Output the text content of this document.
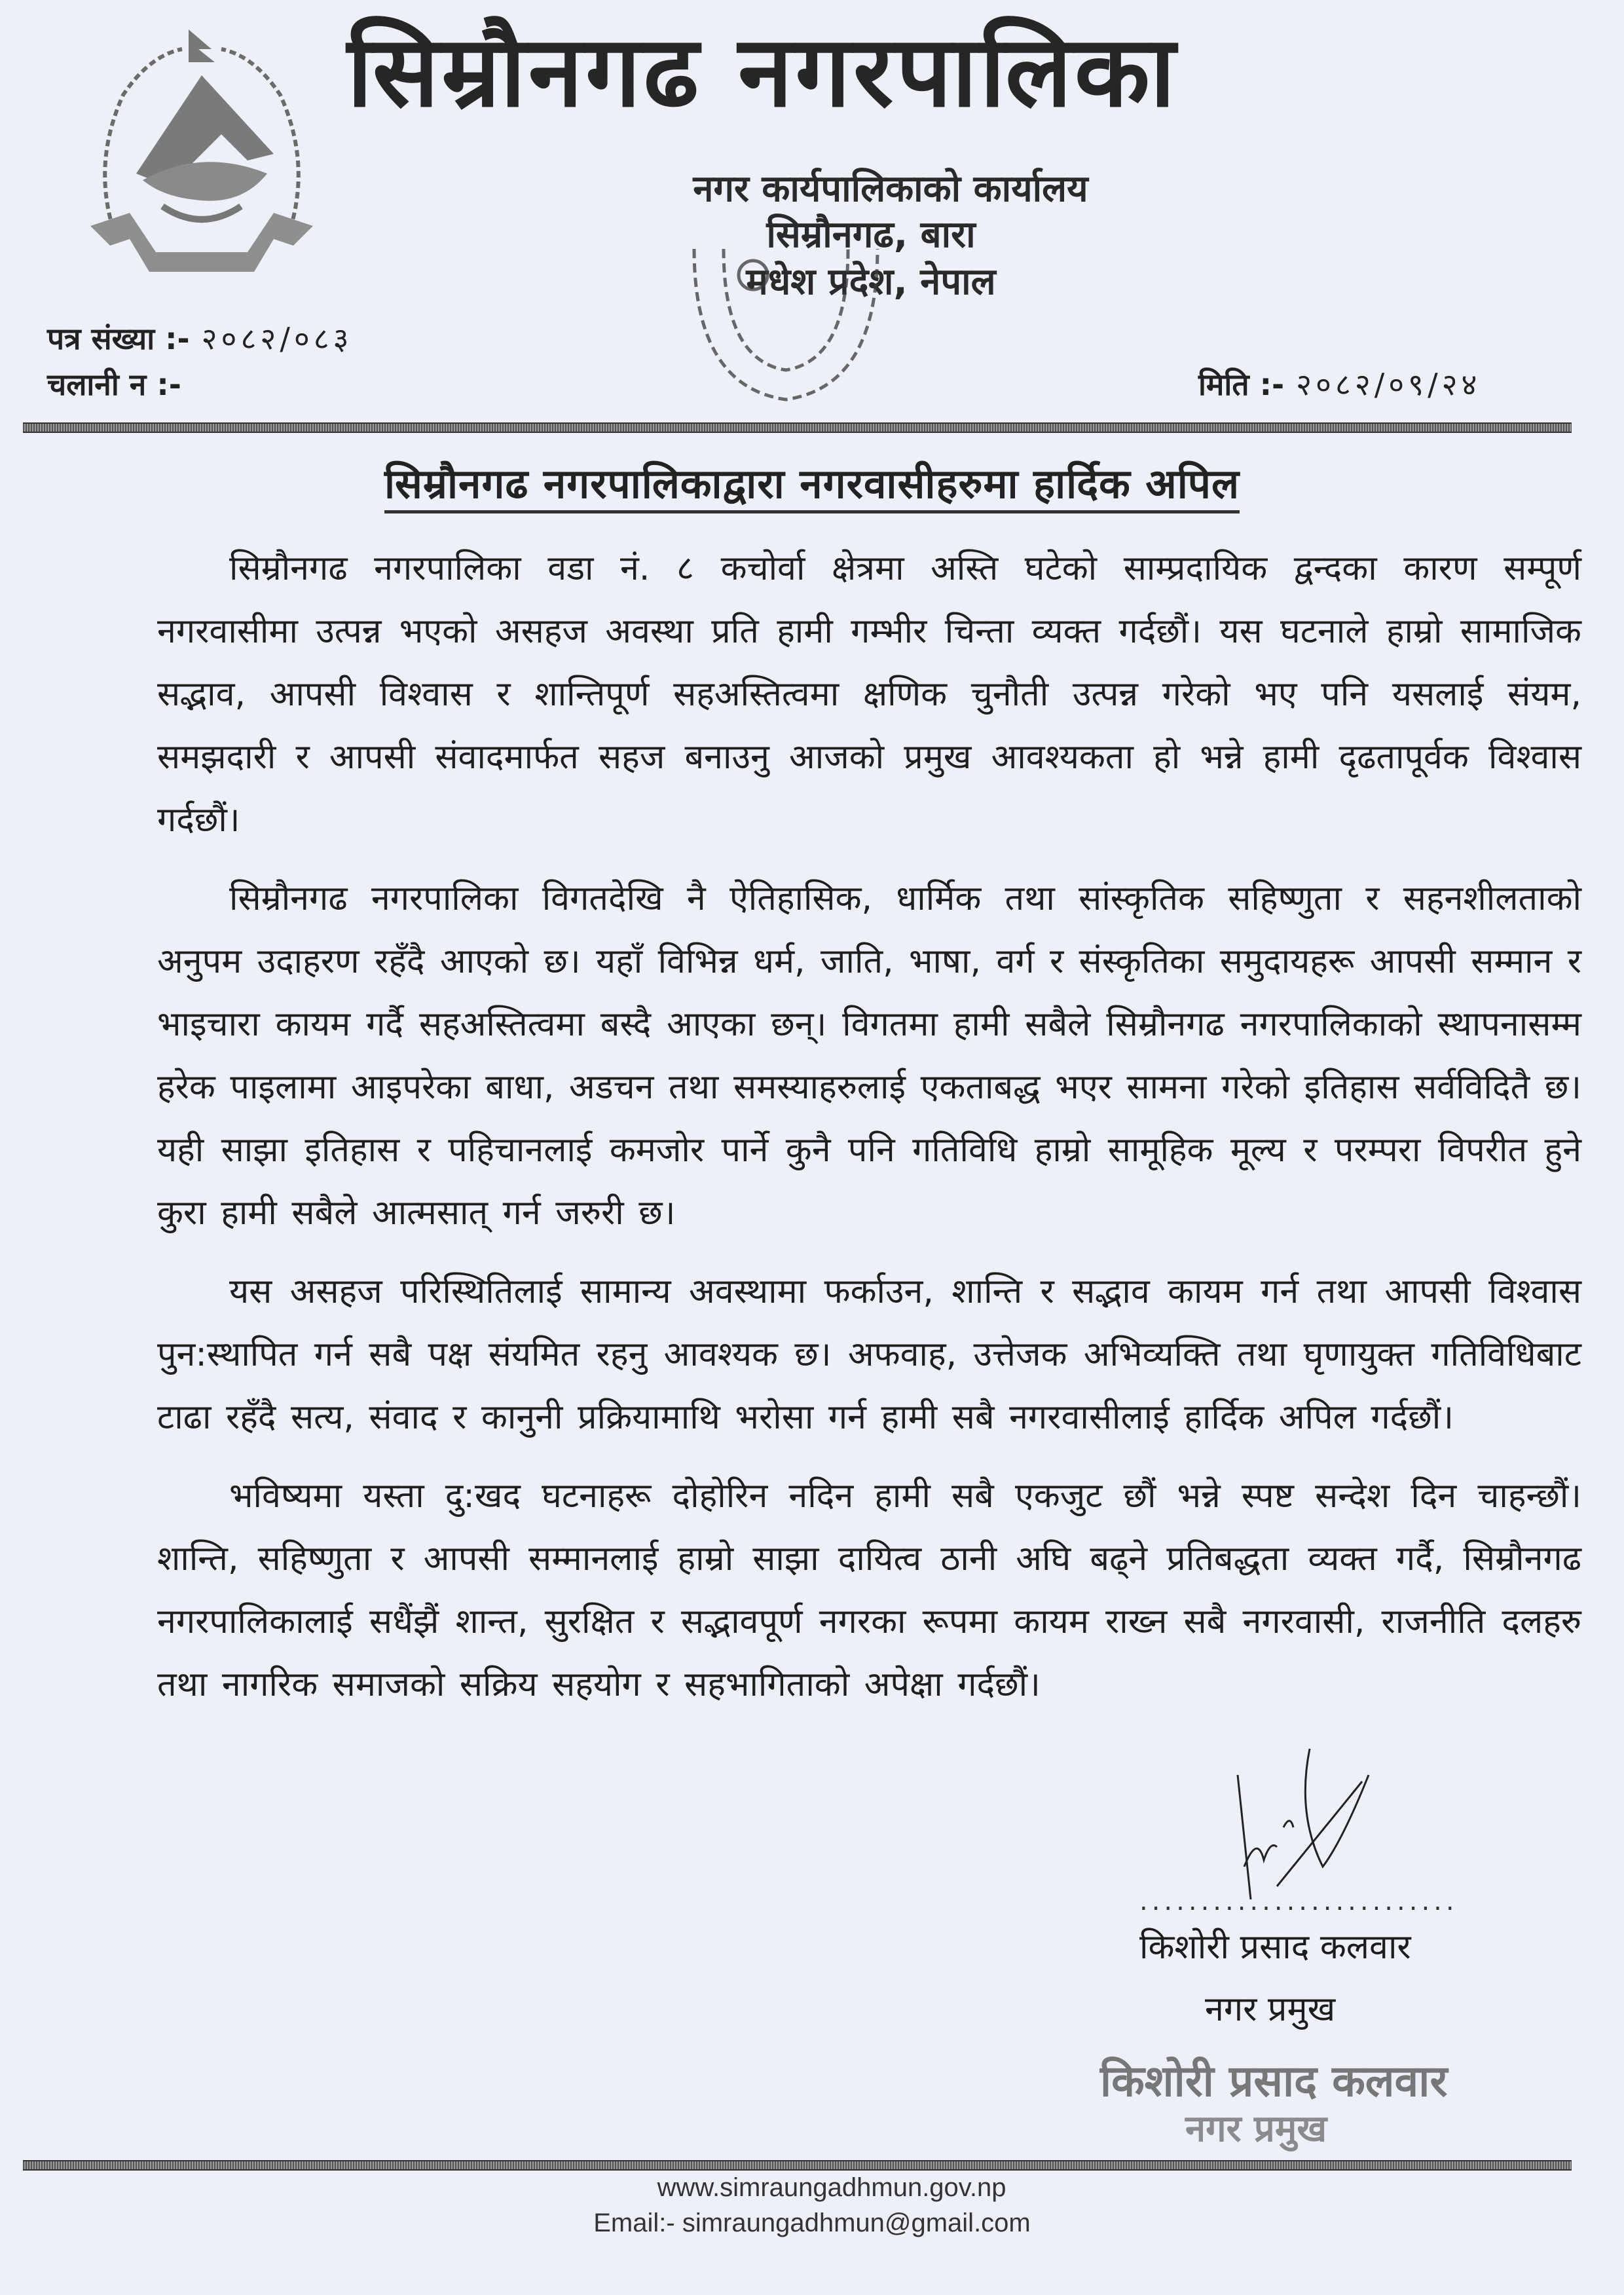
सिम्रौनगढ नगरपालिका
नगर कार्यपालिकाको कार्यालय
सिम्रौनगढ, बारा
मधेश प्रदेश, नेपाल
पत्र संख्या :- २०८२/०८३
चलानी न :-	मिति :- २०८२/०९/२४
सिम्रौनगढ नगरपालिकाद्वारा नगरवासीहरुमा हार्दिक अपिल

सिम्रौनगढ नगरपालिका वडा नं. ८ कचोर्वा क्षेत्रमा अस्ति घटेको साम्प्रदायिक द्वन्दका कारण सम्पूर्ण नगरवासीमा उत्पन्न भएको असहज अवस्था प्रति हामी गम्भीर चिन्ता व्यक्त गर्दछौं। यस घटनाले हाम्रो सामाजिक सद्भाव, आपसी विश्वास र शान्तिपूर्ण सहअस्तित्वमा क्षणिक चुनौती उत्पन्न गरेको भए पनि यसलाई संयम, समझदारी र आपसी संवादमार्फत सहज बनाउनु आजको प्रमुख आवश्यकता हो भन्ने हामी दृढतापूर्वक विश्वास गर्दछौं।

सिम्रौनगढ नगरपालिका विगतदेखि नै ऐतिहासिक, धार्मिक तथा सांस्कृतिक सहिष्णुता र सहनशीलताको अनुपम उदाहरण रहँदै आएको छ। यहाँ विभिन्न धर्म, जाति, भाषा, वर्ग र संस्कृतिका समुदायहरू आपसी सम्मान र भाइचारा कायम गर्दै सहअस्तित्वमा बस्दै आएका छन्। विगतमा हामी सबैले सिम्रौनगढ नगरपालिकाको स्थापनासम्म हरेक पाइलामा आइपरेका बाधा, अडचन तथा समस्याहरुलाई एकताबद्ध भएर सामना गरेको इतिहास सर्वविदितै छ। यही साझा इतिहास र पहिचानलाई कमजोर पार्ने कुनै पनि गतिविधि हाम्रो सामूहिक मूल्य र परम्परा विपरीत हुने कुरा हामी सबैले आत्मसात् गर्न जरुरी छ।

यस असहज परिस्थितिलाई सामान्य अवस्थामा फर्काउन, शान्ति र सद्भाव कायम गर्न तथा आपसी विश्वास पुन:स्थापित गर्न सबै पक्ष संयमित रहनु आवश्यक छ। अफवाह, उत्तेजक अभिव्यक्ति तथा घृणायुक्त गतिविधिबाट टाढा रहँदै सत्य, संवाद र कानुनी प्रक्रियामाथि भरोसा गर्न हामी सबै नगरवासीलाई हार्दिक अपिल गर्दछौं।

भविष्यमा यस्ता दु:खद घटनाहरू दोहोरिन नदिन हामी सबै एकजुट छौं भन्ने स्पष्ट सन्देश दिन चाहन्छौं। शान्ति, सहिष्णुता र आपसी सम्मानलाई हाम्रो साझा दायित्व ठानी अघि बढ्ने प्रतिबद्धता व्यक्त गर्दै, सिम्रौनगढ नगरपालिकालाई सधैंझैं शान्त, सुरक्षित र सद्भावपूर्ण नगरका रूपमा कायम राख्न सबै नगरवासी, राजनीति दलहरु तथा नागरिक समाजको सक्रिय सहयोग र सहभागिताको अपेक्षा गर्दछौं।

..........................
किशोरी प्रसाद कलवार
नगर प्रमुख
किशोरी प्रसाद कलवार
नगर प्रमुख
www.simraungadhmun.gov.np
Email:- simraungadhmun@gmail.com
